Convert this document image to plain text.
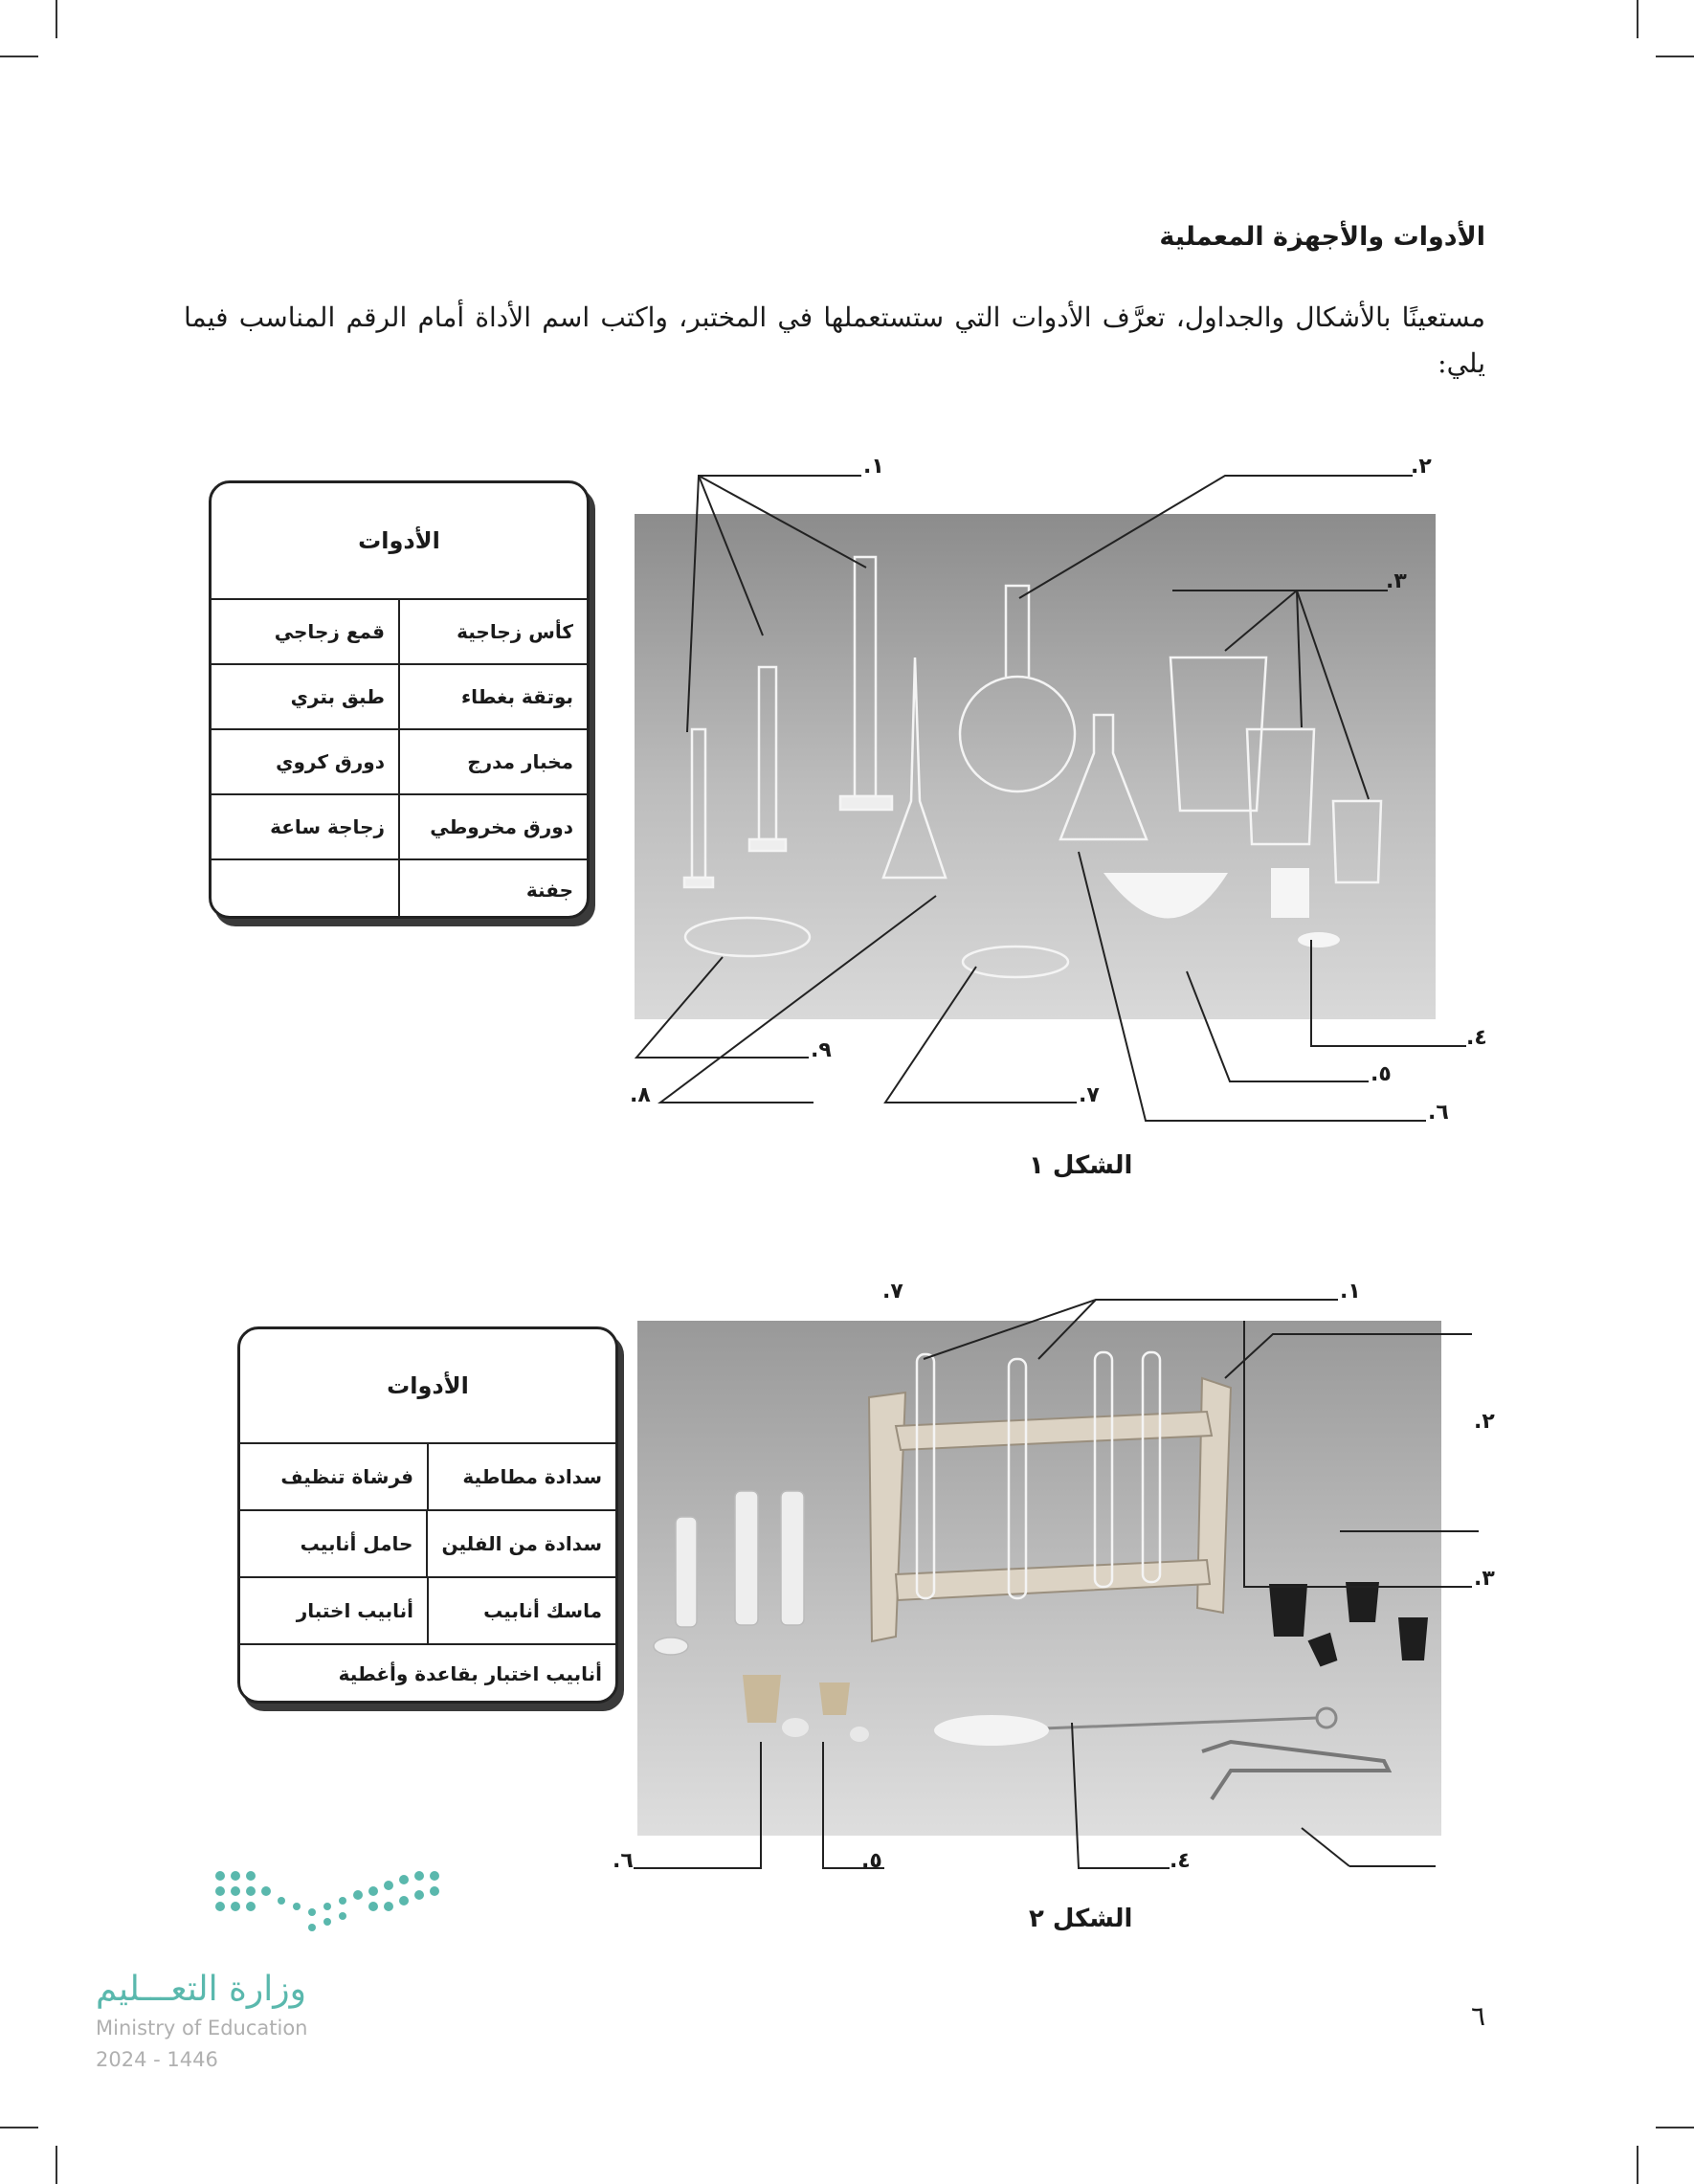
الأدوات والأجهزة المعملية
مستعينًا بالأشكال والجداول، تعرَّف الأدوات التي ستستعملها في المختبر، واكتب اسم الأداة أمام الرقم المناسب فيما يلي:
الأدوات
كأس زجاجية
قمع زجاجي
بوتقة بغطاء
طبق بتري
مخبار مدرج
دورق كروي
دورق مخروطي
زجاجة ساعة
جفنة
١.	٢.
٣.
٤.
٥.
٦.
٧.
٨.
٩.
الشكل ١
الأدوات
سدادة مطاطية
فرشاة تنظيف
سدادة من الفلين
حامل أنابيب
ماسك أنابيب
أنابيب اختبار
أنابيب اختبار بقاعدة وأغطية
١.
٢.
٣.
٤.
٥.
٦.
٧.
الشكل ٢
٦
وزارة التعـــليم
Ministry of Education
2024 - 1446
